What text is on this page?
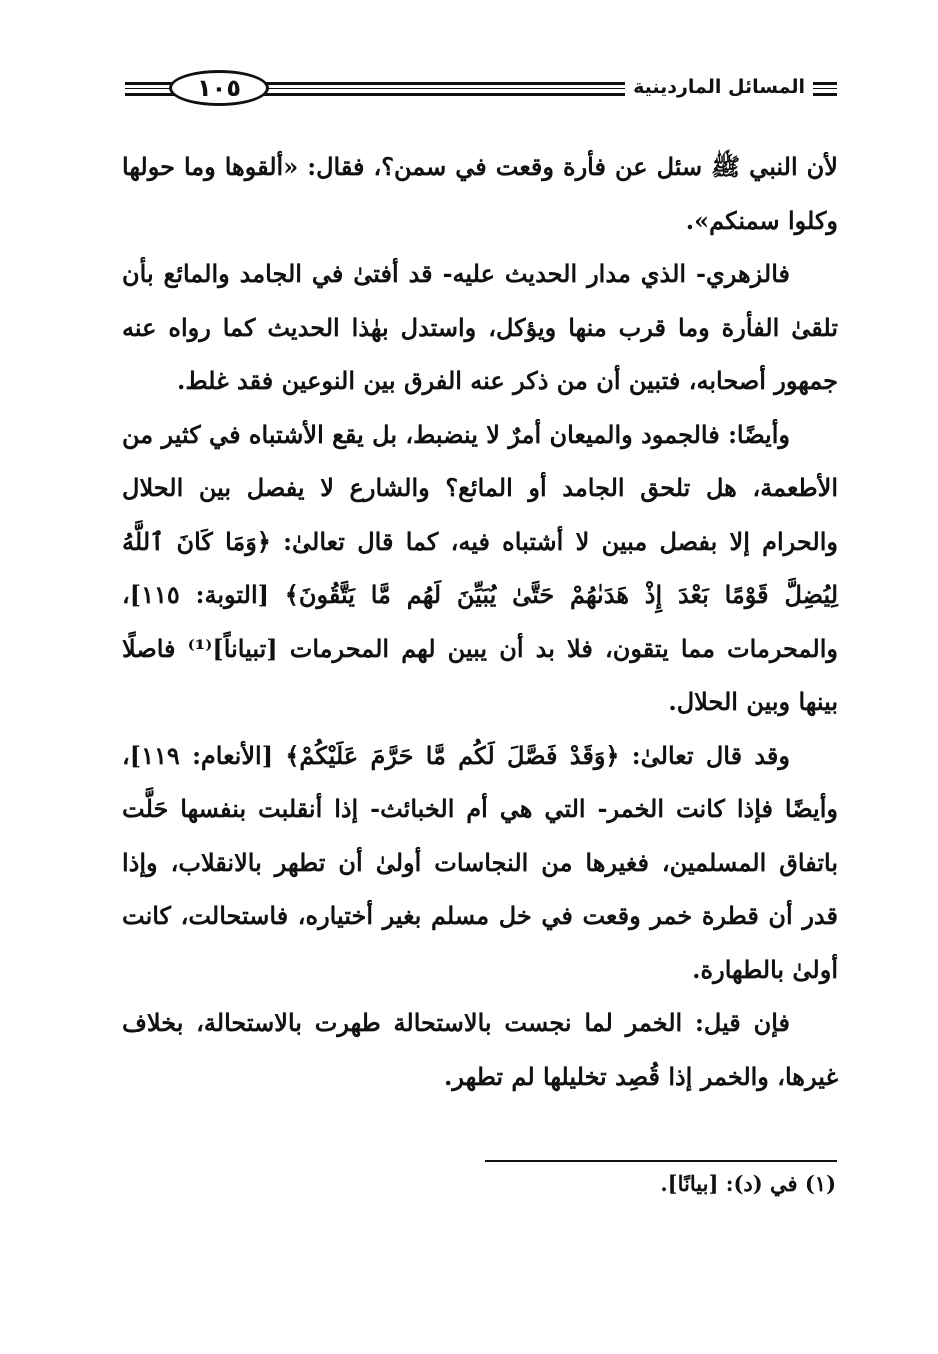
١٠٥	المسائل الماردينية

لأن النبي ﷺ سئل عن فأرة وقعت في سمن؟، فقال: «ألقوها وما حولها وكلوا سمنكم».

فالزهري- الذي مدار الحديث عليه- قد أفتىٰ في الجامد والمائع بأن تلقىٰ الفأرة وما قرب منها ويؤكل، واستدل بهٰذا الحديث كما رواه عنه جمهور أصحابه، فتبين أن من ذكر عنه الفرق بين النوعين فقد غلط.

وأيضًا: فالجمود والميعان أمرٌ لا ينضبط، بل يقع الأشتباه في كثير من الأطعمة، هل تلحق الجامد أو المائع؟ والشارع لا يفصل بين الحلال والحرام إلا بفصل مبين لا أشتباه فيه، كما قال تعالىٰ: ﴿وَمَا كَانَ ٱللَّهُ لِيُضِلَّ قَوْمًا بَعْدَ إِذْ هَدَىٰهُمْ حَتَّىٰ يُبَيِّنَ لَهُم مَّا يَتَّقُونَ﴾ [التوبة: ١١٥]، والمحرمات مما يتقون، فلا بد أن يبين لهم المحرمات [تبياناً]⁽¹⁾ فاصلًا بينها وبين الحلال.

وقد قال تعالىٰ: ﴿وَقَدْ فَصَّلَ لَكُم مَّا حَرَّمَ عَلَيْكُمْ﴾ [الأنعام: ١١٩]، وأيضًا فإذا كانت الخمر- التي هي أم الخبائث- إذا أنقلبت بنفسها حَلَّت باتفاق المسلمين، فغيرها من النجاسات أولىٰ أن تطهر بالانقلاب، وإذا قدر أن قطرة خمر وقعت في خل مسلم بغير أختياره، فاستحالت، كانت أولىٰ بالطهارة.

فإن قيل: الخمر لما نجست بالاستحالة طهرت بالاستحالة، بخلاف غيرها، والخمر إذا قُصِد تخليلها لم تطهر.

(١) في (د): [بيانًا].
